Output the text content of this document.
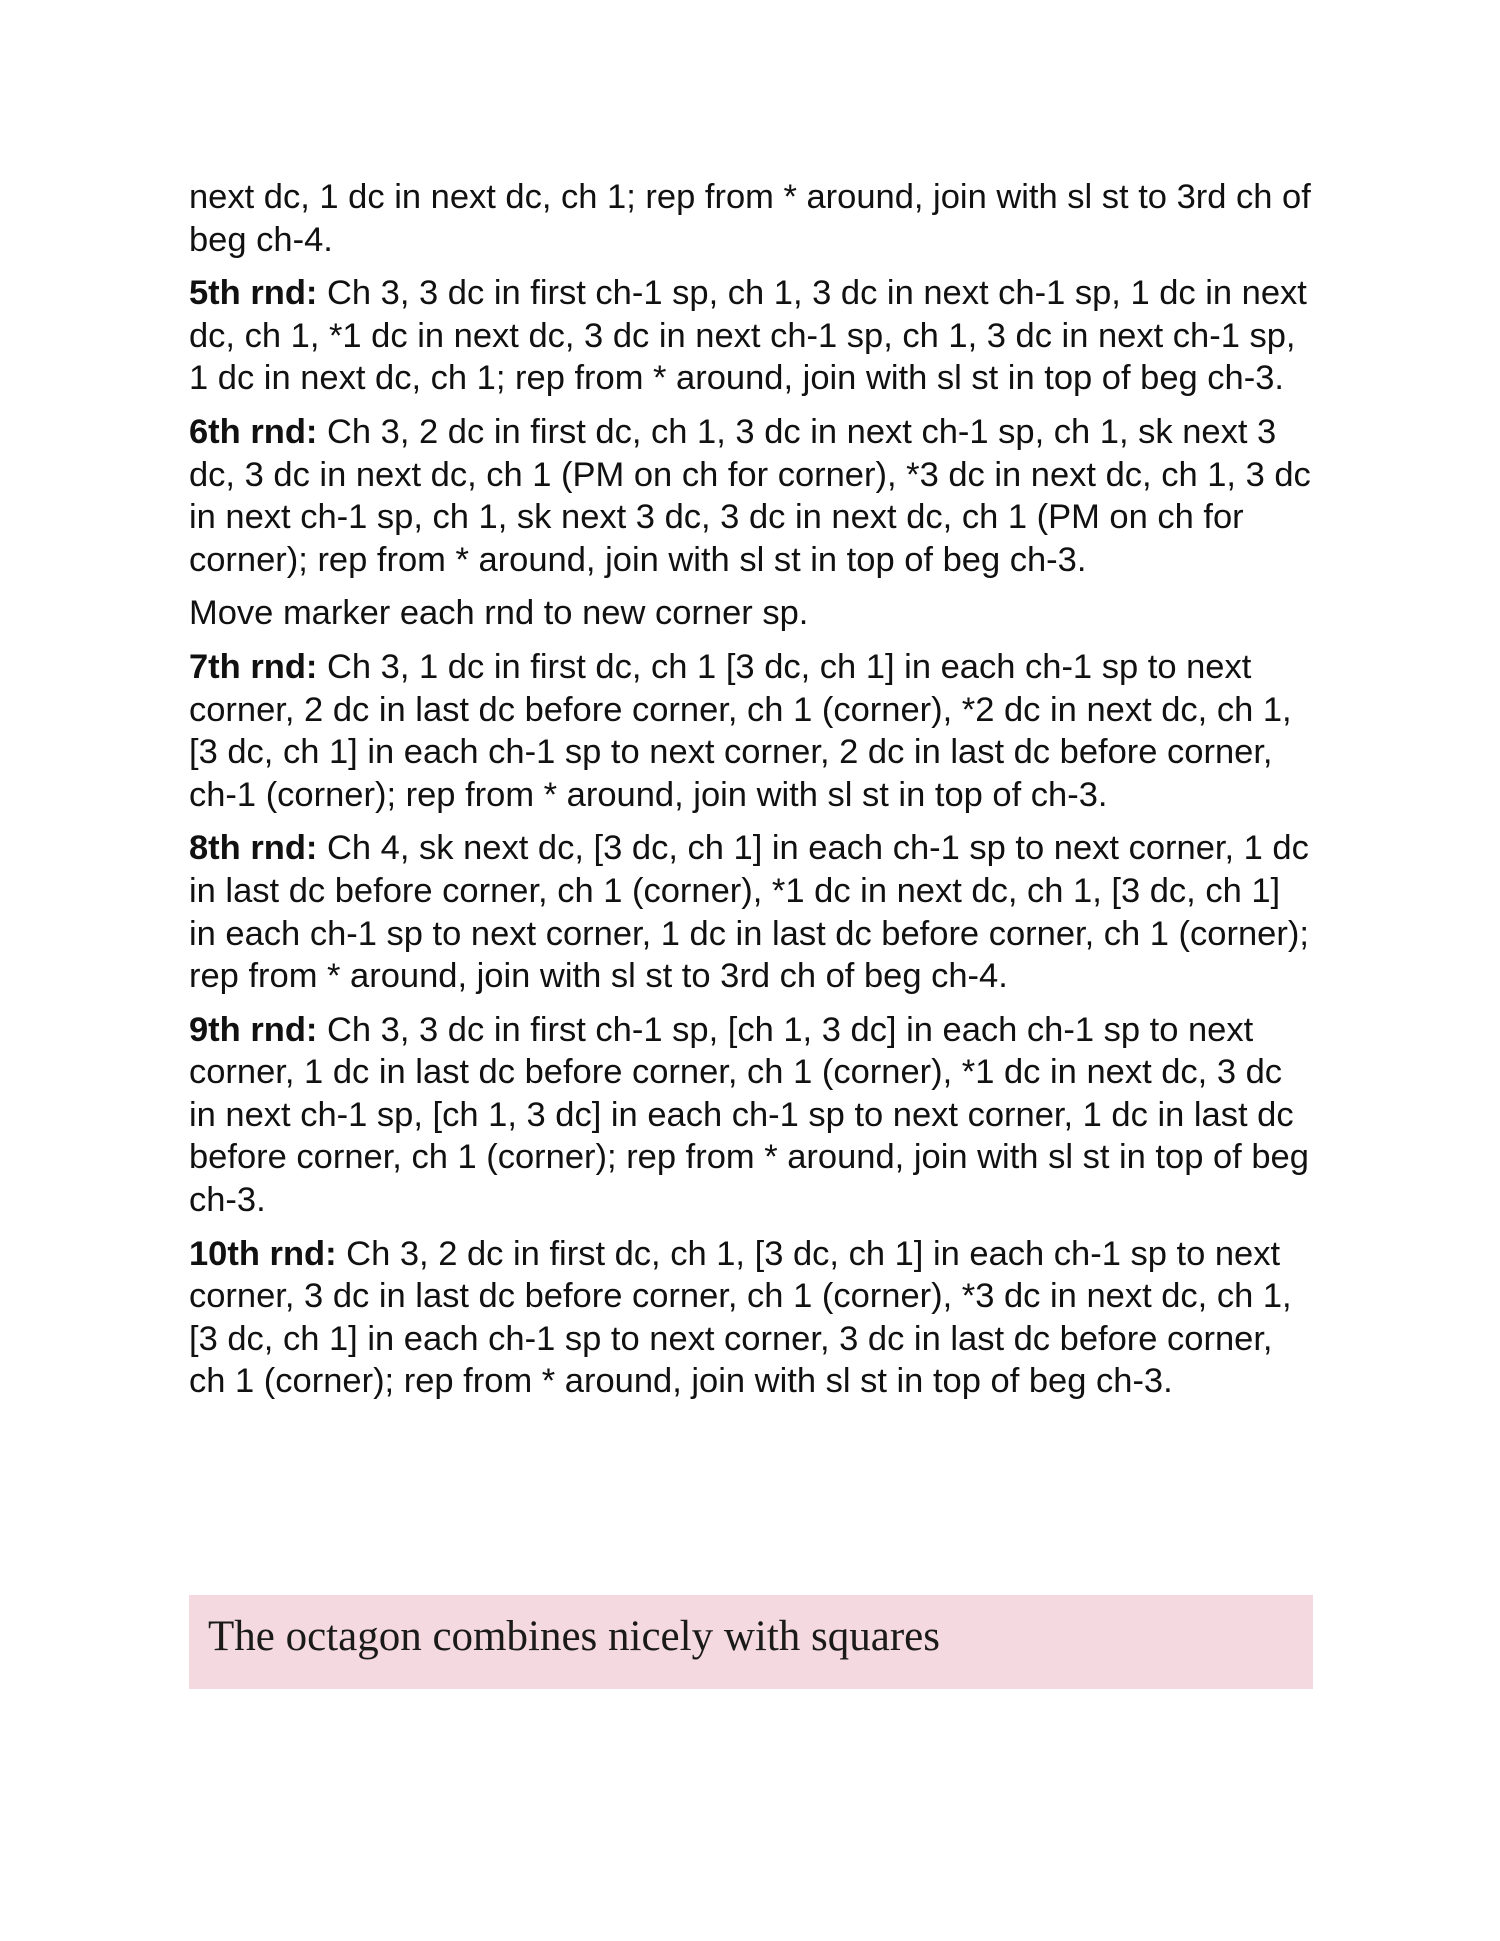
next dc, 1 dc in next dc, ch 1; rep from * around, join with sl st to 3rd ch of beg ch-4.

5th rnd: Ch 3, 3 dc in first ch-1 sp, ch 1, 3 dc in next ch-1 sp, 1 dc in next dc, ch 1, *1 dc in next dc, 3 dc in next ch-1 sp, ch 1, 3 dc in next ch-1 sp, 1 dc in next dc, ch 1; rep from * around, join with sl st in top of beg ch-3.

6th rnd: Ch 3, 2 dc in first dc, ch 1, 3 dc in next ch-1 sp, ch 1, sk next 3 dc, 3 dc in next dc, ch 1 (PM on ch for corner), *3 dc in next dc, ch 1, 3 dc in next ch-1 sp, ch 1, sk next 3 dc, 3 dc in next dc, ch 1 (PM on ch for corner); rep from * around, join with sl st in top of beg ch-3.

Move marker each rnd to new corner sp.

7th rnd: Ch 3, 1 dc in first dc, ch 1 [3 dc, ch 1] in each ch-1 sp to next corner, 2 dc in last dc before corner, ch 1 (corner), *2 dc in next dc, ch 1, [3 dc, ch 1] in each ch-1 sp to next corner, 2 dc in last dc before corner, ch-1 (corner); rep from * around, join with sl st in top of ch-3.

8th rnd: Ch 4, sk next dc, [3 dc, ch 1] in each ch-1 sp to next corner, 1 dc in last dc before corner, ch 1 (corner), *1 dc in next dc, ch 1, [3 dc, ch 1] in each ch-1 sp to next corner, 1 dc in last dc before corner, ch 1 (corner); rep from * around, join with sl st to 3rd ch of beg ch-4.

9th rnd: Ch 3, 3 dc in first ch-1 sp, [ch 1, 3 dc] in each ch-1 sp to next corner, 1 dc in last dc before corner, ch 1 (corner), *1 dc in next dc, 3 dc in next ch-1 sp, [ch 1, 3 dc] in each ch-1 sp to next corner, 1 dc in last dc before corner, ch 1 (corner); rep from * around, join with sl st in top of beg ch-3.

10th rnd: Ch 3, 2 dc in first dc, ch 1, [3 dc, ch 1] in each ch-1 sp to next corner, 3 dc in last dc before corner, ch 1 (corner), *3 dc in next dc, ch 1, [3 dc, ch 1] in each ch-1 sp to next corner, 3 dc in last dc before corner, ch 1 (corner); rep from * around, join with sl st in top of beg ch-3.

The octagon combines nicely with squares
